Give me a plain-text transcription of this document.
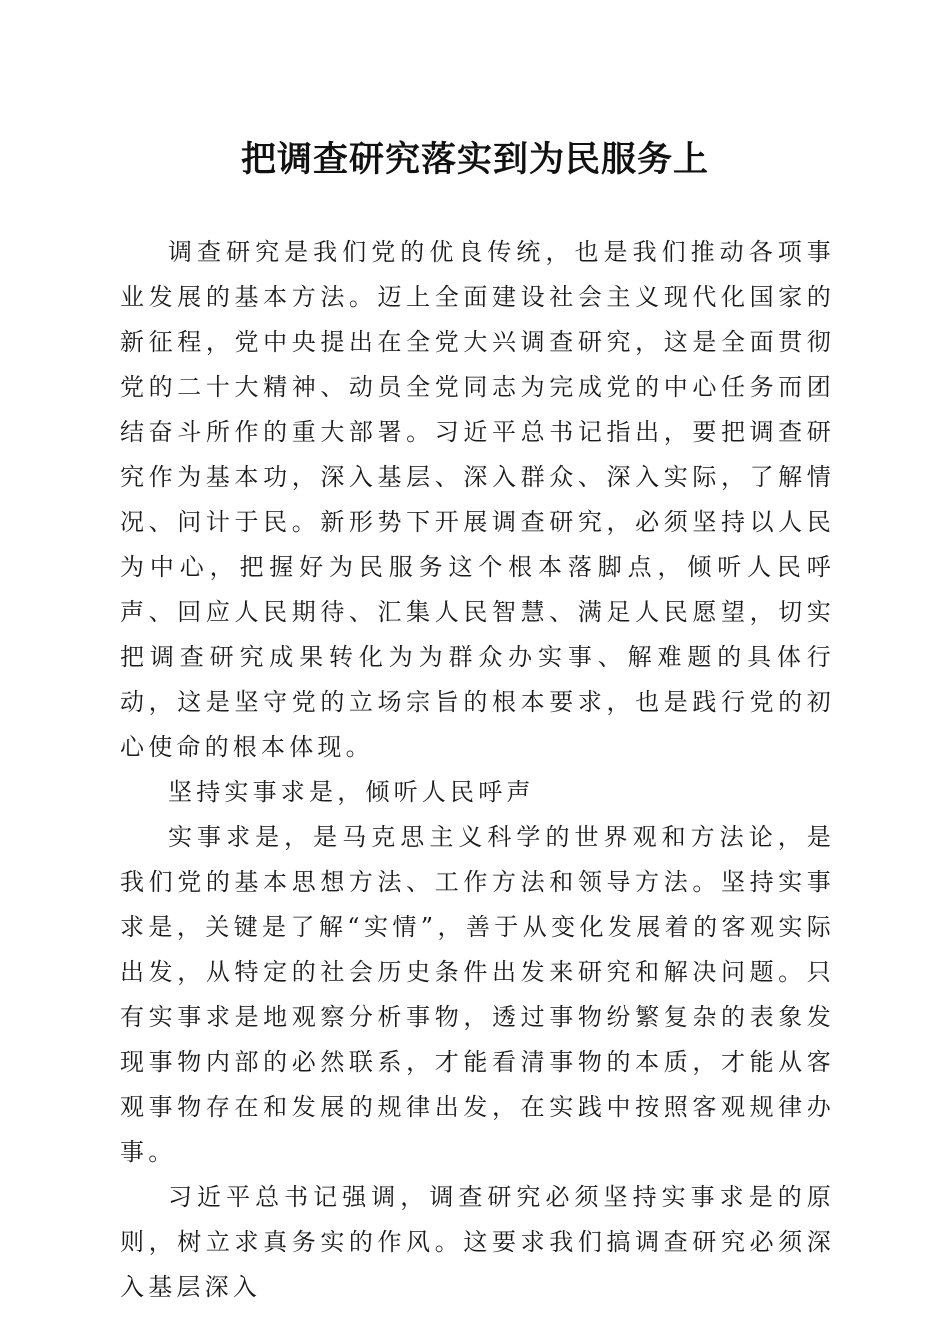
把调查研究落实到为民服务上

调查研究是我们党的优良传统，也是我们推动各项事业发展的基本方法。迈上全面建设社会主义现代化国家的新征程，党中央提出在全党大兴调查研究，这是全面贯彻党的二十大精神、动员全党同志为完成党的中心任务而团结奋斗所作的重大部署。习近平总书记指出，要把调查研究作为基本功，深入基层、深入群众、深入实际，了解情况、问计于民。新形势下开展调查研究，必须坚持以人民为中心，把握好为民服务这个根本落脚点，倾听人民呼声、回应人民期待、汇集人民智慧、满足人民愿望，切实把调查研究成果转化为为群众办实事、解难题的具体行动，这是坚守党的立场宗旨的根本要求，也是践行党的初心使命的根本体现。

坚持实事求是，倾听人民呼声

实事求是，是马克思主义科学的世界观和方法论，是我们党的基本思想方法、工作方法和领导方法。坚持实事求是，关键是了解“实情”，善于从变化发展着的客观实际出发，从特定的社会历史条件出发来研究和解决问题。只有实事求是地观察分析事物，透过事物纷繁复杂的表象发现事物内部的必然联系，才能看清事物的本质，才能从客观事物存在和发展的规律出发，在实践中按照客观规律办事。

习近平总书记强调，调查研究必须坚持实事求是的原则，树立求真务实的作风。这要求我们搞调查研究必须深入基层深入
